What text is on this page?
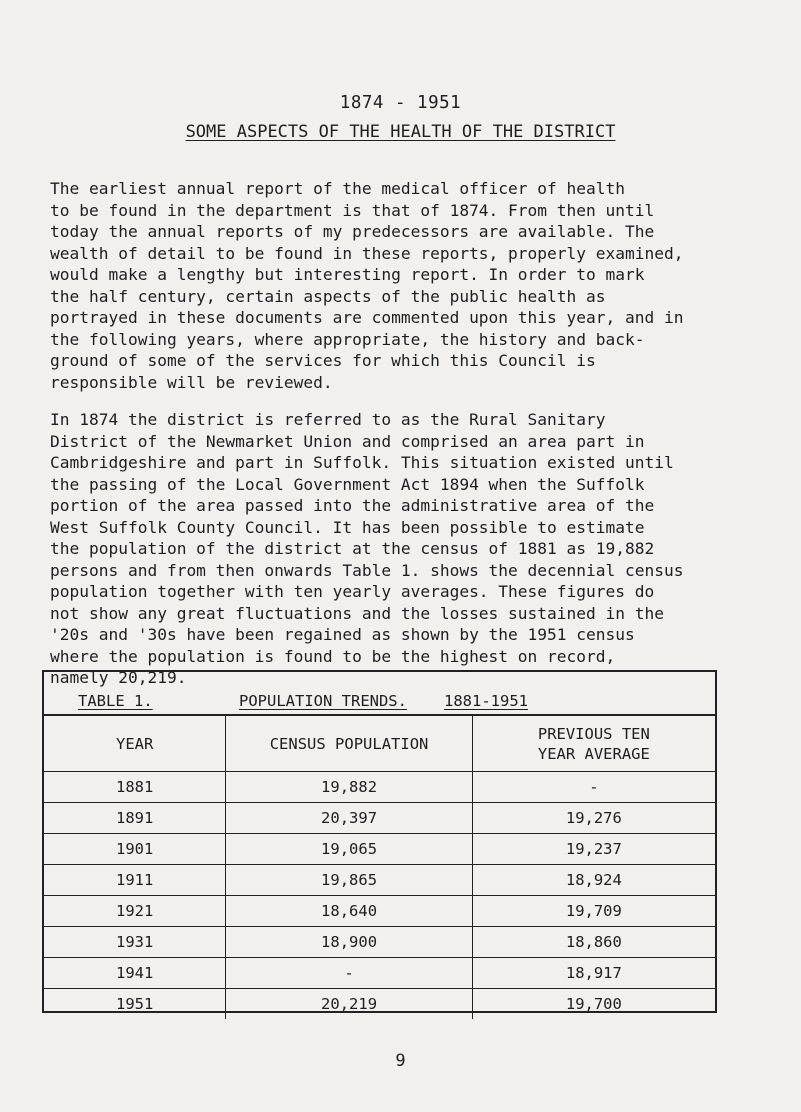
1874 - 1951
SOME ASPECTS OF THE HEALTH OF THE DISTRICT
The earliest annual report of the medical officer of health
to be found in the department is that of 1874. From then until
today the annual reports of my predecessors are available. The
wealth of detail to be found in these reports, properly examined,
would make a lengthy but interesting report. In order to mark
the half century, certain aspects of the public health as
portrayed in these documents are commented upon this year, and in
the following years, where appropriate, the history and back-
ground of some of the services for which this Council is
responsible will be reviewed.
In 1874 the district is referred to as the Rural Sanitary
District of the Newmarket Union and comprised an area part in
Cambridgeshire and part in Suffolk. This situation existed until
the passing of the Local Government Act 1894 when the Suffolk
portion of the area passed into the administrative area of the
West Suffolk County Council. It has been possible to estimate
the population of the district at the census of 1881 as 19,882
persons and from then onwards Table 1. shows the decennial census
population together with ten yearly averages. These figures do
not show any great fluctuations and the losses sustained in the
'20s and '30s have been regained as shown by the 1951 census
where the population is found to be the highest on record,
namely 20,219.
TABLE 1.	POPULATION TRENDS. 1881-1951
YEAR	CENSUS POPULATION	PREVIOUS TEN
YEAR AVERAGE
1881	19,882	-
1891	20,397	19,276
1901	19,065	19,237
1911	19,865	18,924
1921	18,640	19,709
1931	18,900	18,860
1941	-	18,917
1951	20,219	19,700
9
